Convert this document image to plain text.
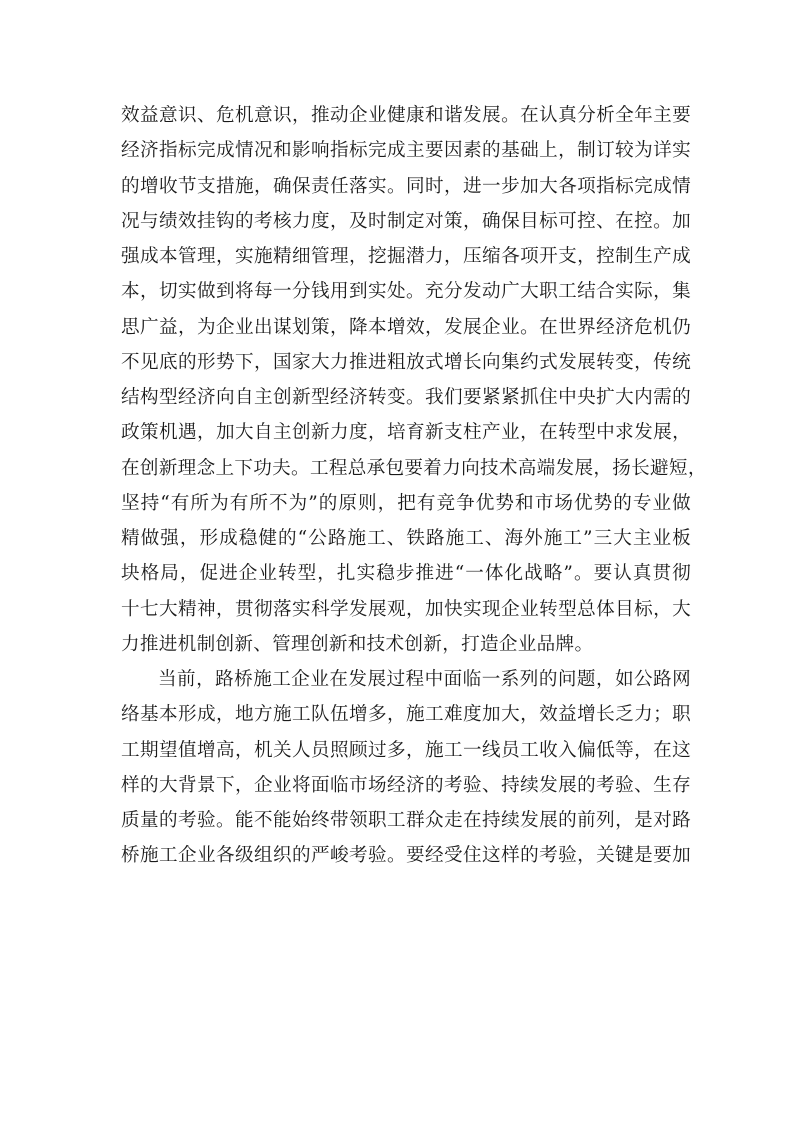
效益意识、危机意识，推动企业健康和谐发展。在认真分析全年主要
经济指标完成情况和影响指标完成主要因素的基础上，制订较为详实
的增收节支措施，确保责任落实。同时，进一步加大各项指标完成情
况与绩效挂钩的考核力度，及时制定对策，确保目标可控、在控。加
强成本管理，实施精细管理，挖掘潜力，压缩各项开支，控制生产成
本，切实做到将每一分钱用到实处。充分发动广大职工结合实际，集
思广益，为企业出谋划策，降本增效，发展企业。在世界经济危机仍
不见底的形势下，国家大力推进粗放式增长向集约式发展转变，传统
结构型经济向自主创新型经济转变。我们要紧紧抓住中央扩大内需的
政策机遇，加大自主创新力度，培育新支柱产业，在转型中求发展，
在创新理念上下功夫。工程总承包要着力向技术高端发展，扬长避短，
坚持“有所为有所不为”的原则，把有竞争优势和市场优势的专业做
精做强，形成稳健的“公路施工、铁路施工、海外施工”三大主业板
块格局，促进企业转型，扎实稳步推进“一体化战略”。要认真贯彻
十七大精神，贯彻落实科学发展观，加快实现企业转型总体目标，大
力推进机制创新、管理创新和技术创新，打造企业品牌。
当前，路桥施工企业在发展过程中面临一系列的问题，如公路网
络基本形成，地方施工队伍增多，施工难度加大，效益增长乏力；职
工期望值增高，机关人员照顾过多，施工一线员工收入偏低等，在这
样的大背景下，企业将面临市场经济的考验、持续发展的考验、生存
质量的考验。能不能始终带领职工群众走在持续发展的前列，是对路
桥施工企业各级组织的严峻考验。要经受住这样的考验，关键是要加
